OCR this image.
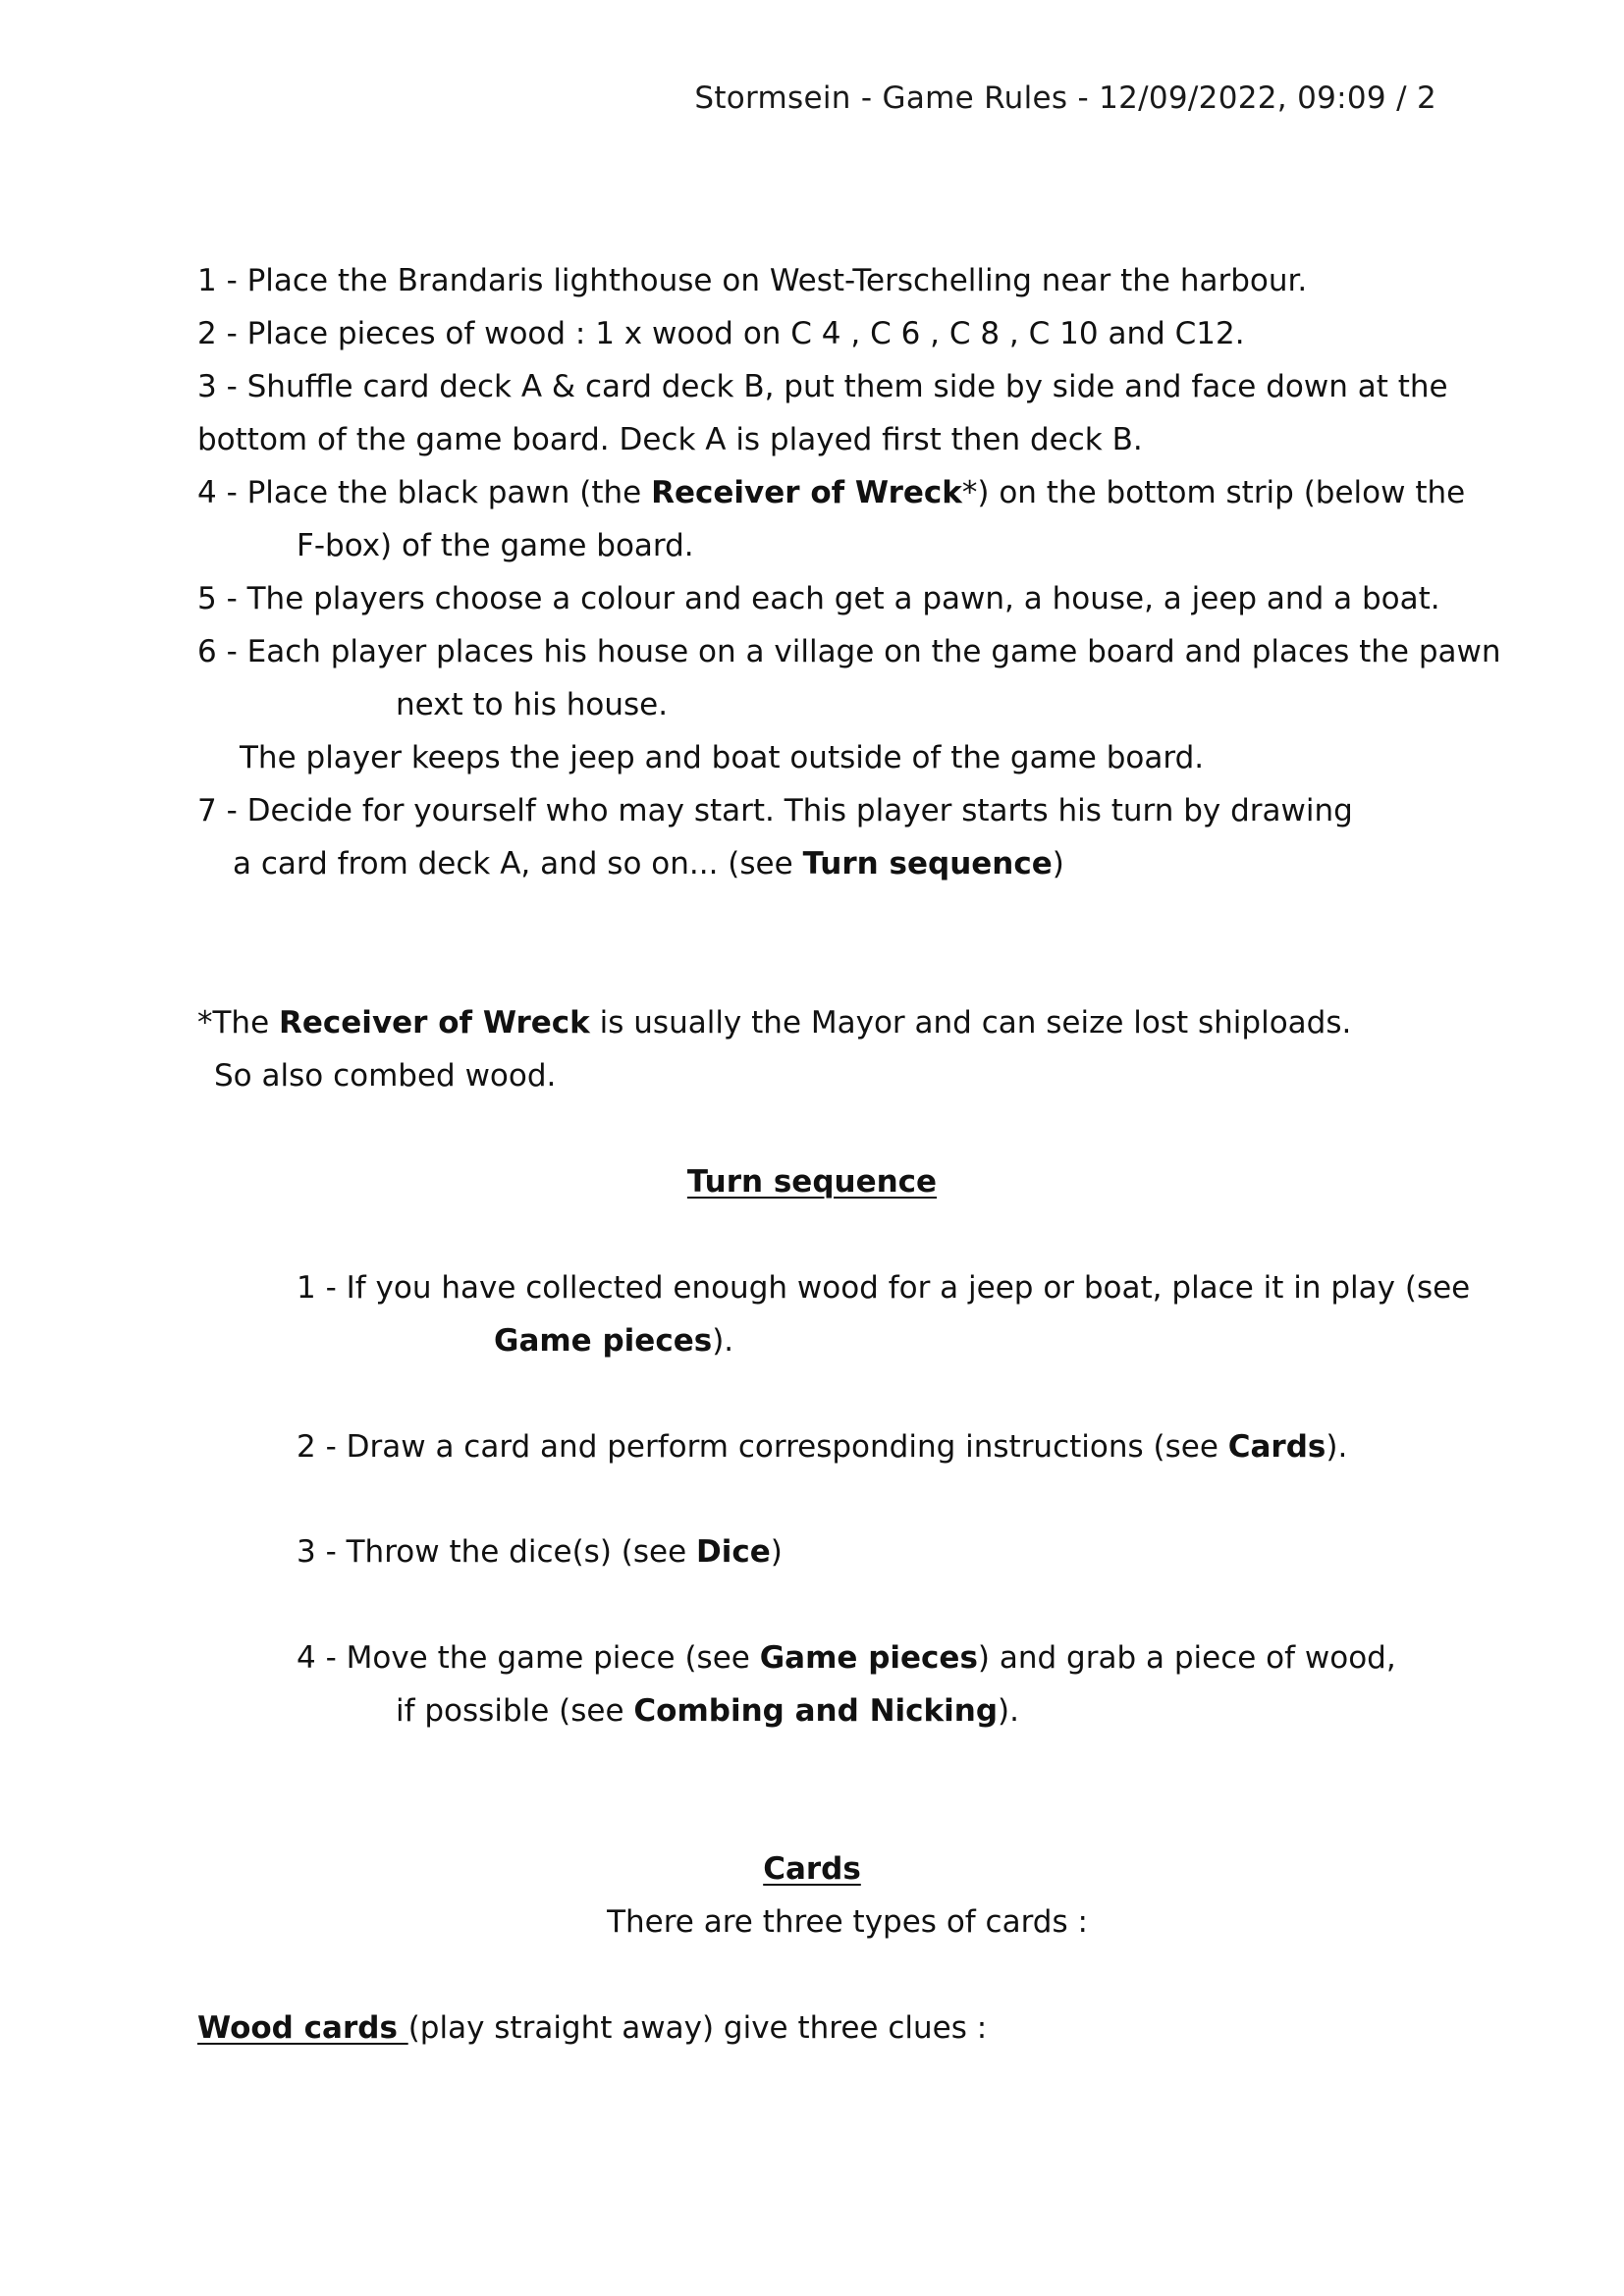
Stormsein - Game Rules - 12/09/2022, 09:09 / 2
1 - Place the Brandaris lighthouse on West-Terschelling near the harbour.
2 - Place pieces of wood : 1 x wood on C 4 , C 6 , C 8 , C 10 and C12.
3 - Shuffle card deck A & card deck B, put them side by side and face down at the
bottom of the game board. Deck A is played first then deck B.
4 - Place the black pawn (the Receiver of Wreck*) on the bottom strip (below the
F-box) of the game board.
5 - The players choose a colour and each get a pawn, a house, a jeep and a boat.
6 - Each player places his house on a village on the game board and places the pawn
next to his house.
The player keeps the jeep and boat outside of the game board.
7 - Decide for yourself who may start. This player starts his turn by drawing
a card from deck A, and so on... (see Turn sequence)
*The Receiver of Wreck is usually the Mayor and can seize lost shiploads.
So also combed wood.
Turn sequence
1 - If you have collected enough wood for a jeep or boat, place it in play (see
Game pieces).
2 - Draw a card and perform corresponding instructions (see Cards).
3 - Throw the dice(s) (see Dice)
4 - Move the game piece (see Game pieces) and grab a piece of wood,
if possible (see Combing and Nicking).
Cards
There are three types of cards :
Wood cards (play straight away) give three clues :
